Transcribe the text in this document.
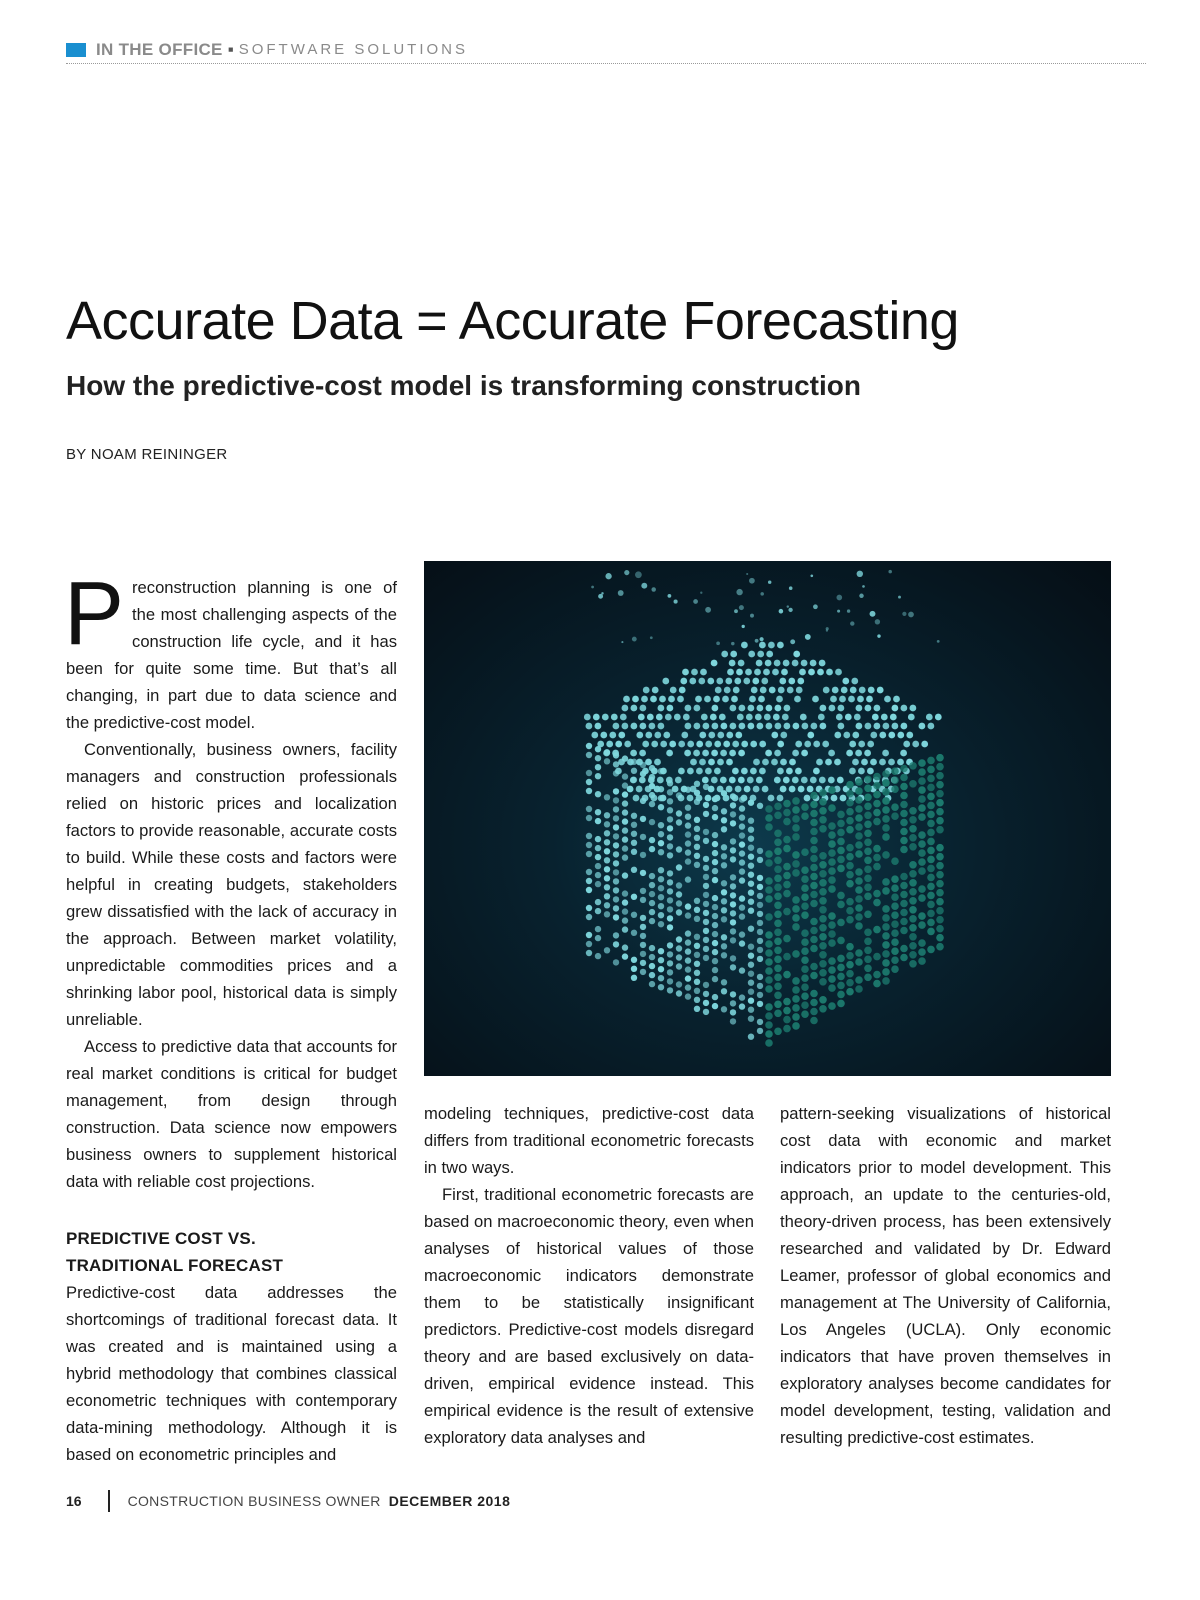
IN THE OFFICE ▪ SOFTWARE SOLUTIONS
Accurate Data = Accurate Forecasting
How the predictive-cost model is transforming construction
BY NOAM REININGER

Preconstruction planning is one of the most challenging aspects of the construction life cycle, and it has been for quite some time. But that’s all changing, in part due to data science and the predictive-cost model.

Conventionally, business owners, facility managers and construction professionals relied on historic prices and localization factors to provide reasonable, accurate costs to build. While these costs and factors were helpful in creating budgets, stakeholders grew dissatisfied with the lack of accuracy in the approach. Between market volatility, unpredictable commodities prices and a shrinking labor pool, historical data is simply unreliable.

Access to predictive data that accounts for real market conditions is critical for budget management, from design through construction. Data science now empowers business owners to supplement historical data with reliable cost projections.

PREDICTIVE COST VS.
TRADITIONAL FORECAST

Predictive-cost data addresses the shortcomings of traditional forecast data. It was created and is maintained using a hybrid methodology that combines classical econometric techniques with contemporary data-mining methodology. Although it is based on econometric principles and

modeling techniques, predictive-cost data differs from traditional econometric forecasts in two ways.

First, traditional econometric forecasts are based on macroeconomic theory, even when analyses of historical values of those macroeconomic indicators demonstrate them to be statistically insignificant predictors. Predictive-cost models disregard theory and are based exclusively on data-driven, empirical evidence instead. This empirical evidence is the result of extensive exploratory data analyses and

pattern-seeking visualizations of historical cost data with economic and market indicators prior to model development. This approach, an update to the centuries-old, theory-driven process, has been extensively researched and validated by Dr. Edward Leamer, professor of global economics and management at The University of California, Los Angeles (UCLA). Only economic indicators that have proven themselves in exploratory analyses become candidates for model development, testing, validation and resulting predictive-cost estimates.

16	CONSTRUCTION BUSINESS OWNER DECEMBER 2018
